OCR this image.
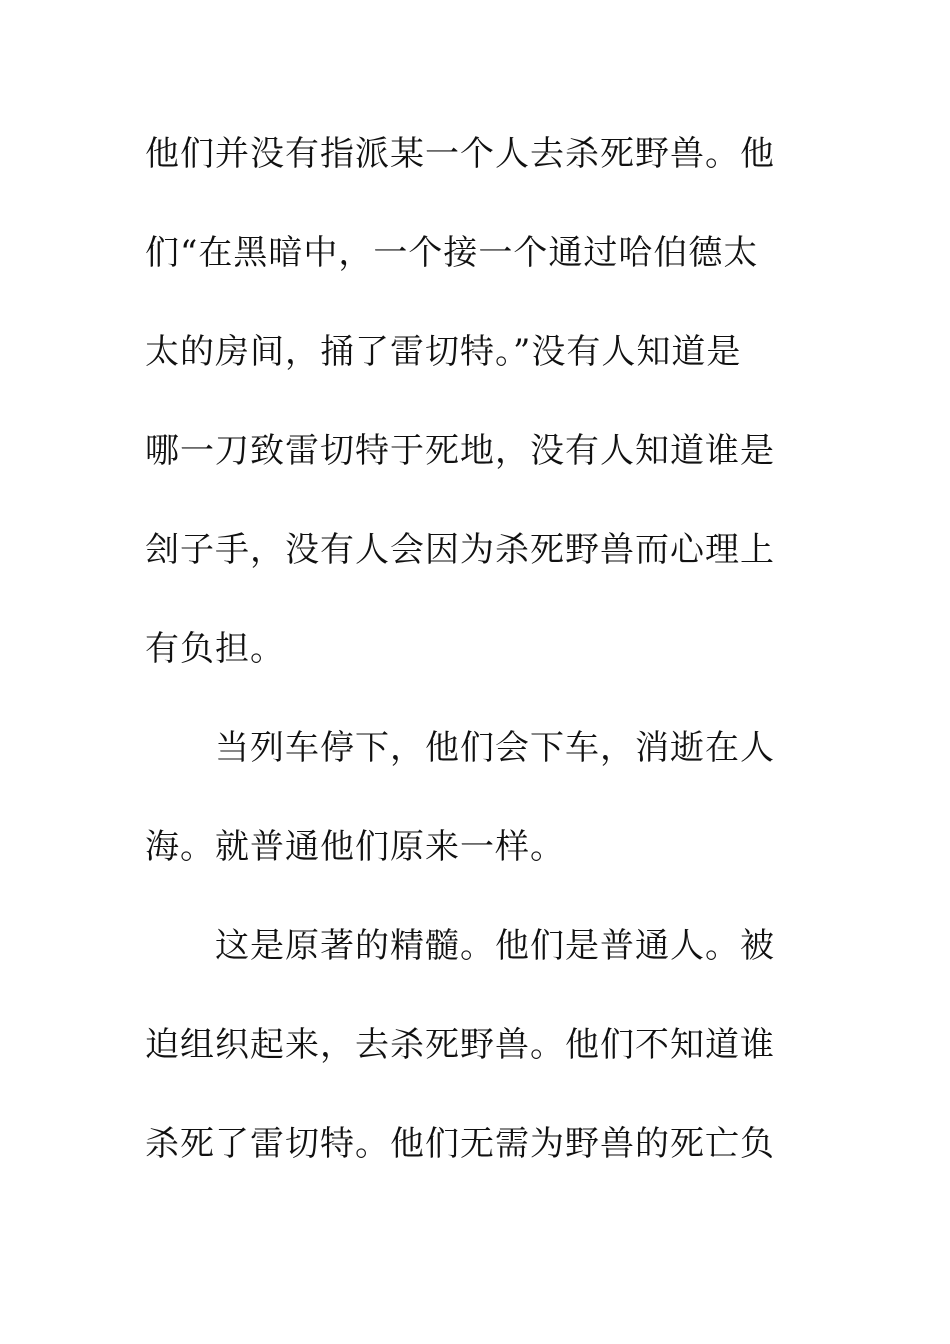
他们并没有指派某一个人去杀死野兽。他
们“在黑暗中，一个接一个通过哈伯德太
太的房间，捅了雷切特。”没有人知道是
哪一刀致雷切特于死地，没有人知道谁是
刽子手，没有人会因为杀死野兽而心理上
有负担。
当列车停下，他们会下车，消逝在人
海。就普通他们原来一样。
这是原著的精髓。他们是普通人。被
迫组织起来，去杀死野兽。他们不知道谁
杀死了雷切特。他们无需为野兽的死亡负
